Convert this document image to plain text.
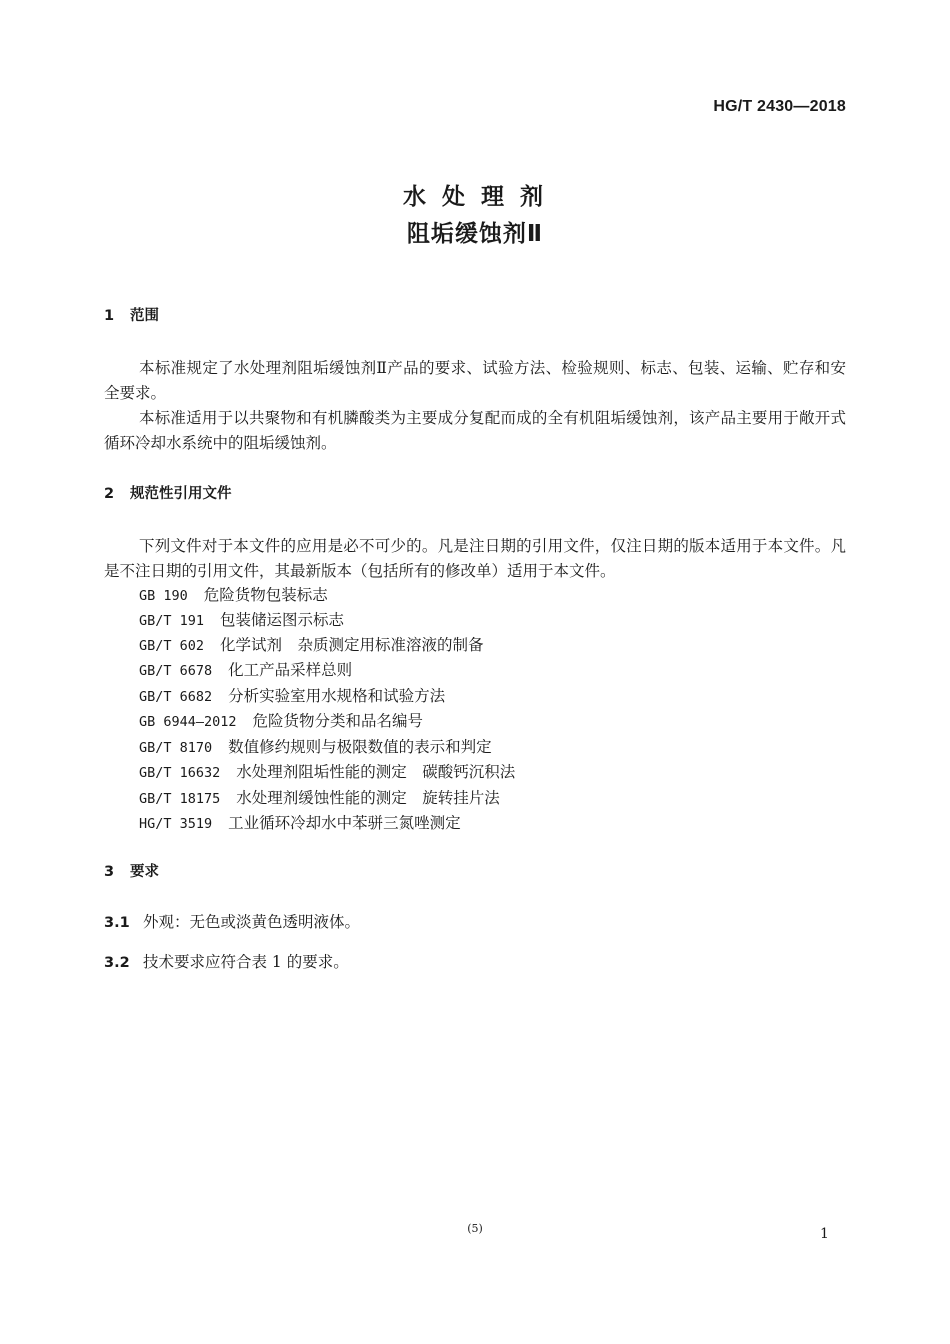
HG/T 2430—2018
水 处 理 剂
阻垢缓蚀剂Ⅱ
1 范围
本标准规定了水处理剂阻垢缓蚀剂Ⅱ产品的要求、试验方法、检验规则、标志、包装、运输、贮存和安全要求。
本标准适用于以共聚物和有机膦酸类为主要成分复配而成的全有机阻垢缓蚀剂，该产品主要用于敞开式循环冷却水系统中的阻垢缓蚀剂。
2 规范性引用文件
下列文件对于本文件的应用是必不可少的。凡是注日期的引用文件，仅注日期的版本适用于本文件。凡是不注日期的引用文件，其最新版本（包括所有的修改单）适用于本文件。
GB 190 危险货物包装标志
GB/T 191 包装储运图示标志
GB/T 602 化学试剂　杂质测定用标准溶液的制备
GB/T 6678 化工产品采样总则
GB/T 6682 分析实验室用水规格和试验方法
GB 6944—2012 危险货物分类和品名编号
GB/T 8170 数值修约规则与极限数值的表示和判定
GB/T 16632 水处理剂阻垢性能的测定　碳酸钙沉积法
GB/T 18175 水处理剂缓蚀性能的测定　旋转挂片法
HG/T 3519 工业循环冷却水中苯骈三氮唑测定
3 要求
3.1 外观：无色或淡黄色透明液体。
3.2 技术要求应符合表 1 的要求。
(5)	1
